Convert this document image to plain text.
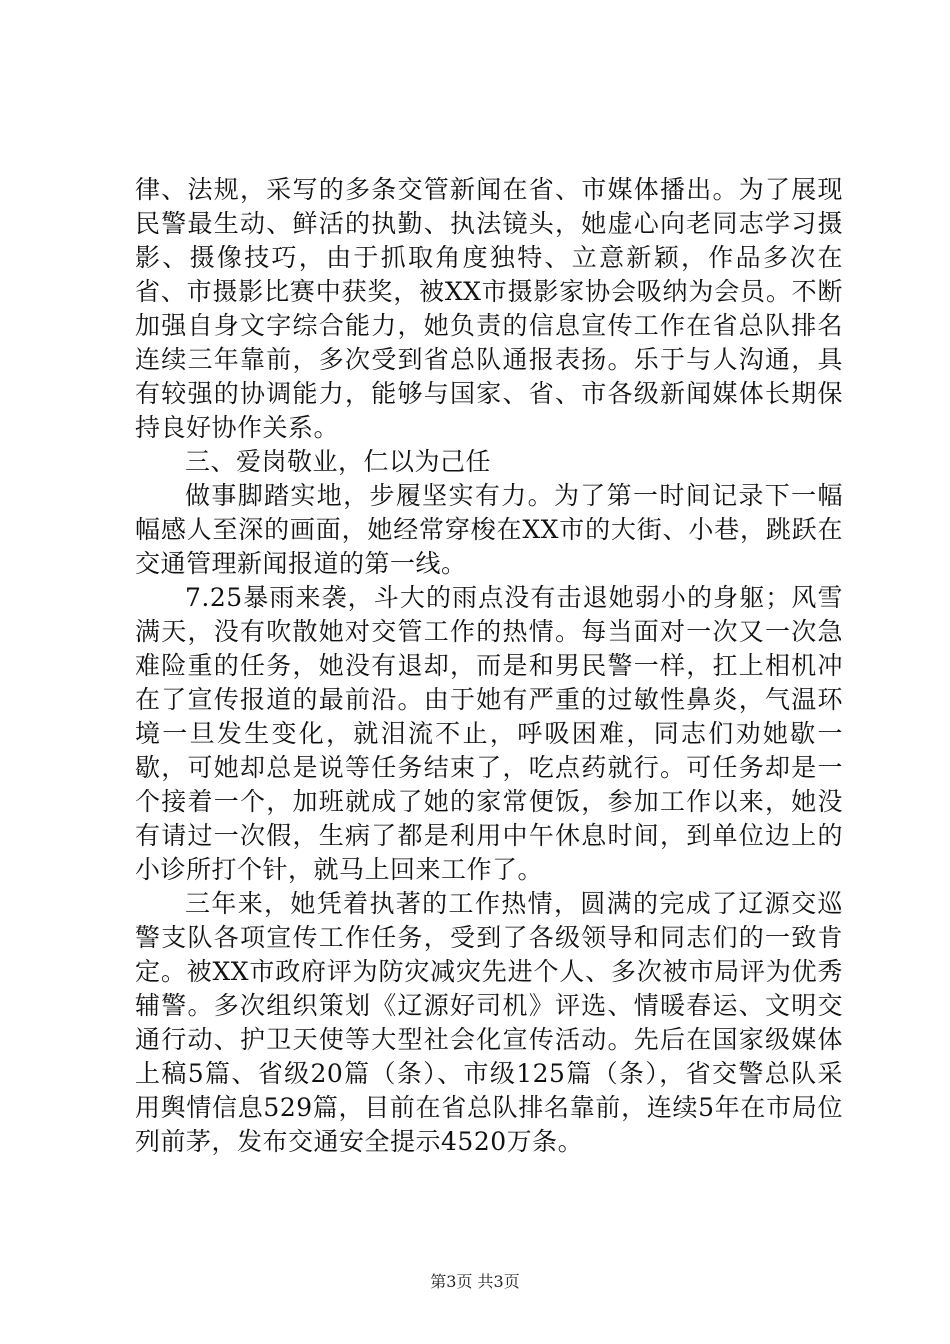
律、法规，采写的多条交管新闻在省、市媒体播出。为了展现民警最生动、鲜活的执勤、执法镜头，她虚心向老同志学习摄影、摄像技巧，由于抓取角度独特、立意新颖，作品多次在省、市摄影比赛中获奖，被XX市摄影家协会吸纳为会员。不断加强自身文字综合能力，她负责的信息宣传工作在省总队排名连续三年靠前，多次受到省总队通报表扬。乐于与人沟通，具有较强的协调能力，能够与国家、省、市各级新闻媒体长期保持良好协作关系。

三、爱岗敬业，仁以为己任

做事脚踏实地，步履坚实有力。为了第一时间记录下一幅幅感人至深的画面，她经常穿梭在XX市的大街、小巷，跳跃在交通管理新闻报道的第一线。

7.25暴雨来袭，斗大的雨点没有击退她弱小的身躯；风雪满天，没有吹散她对交管工作的热情。每当面对一次又一次急难险重的任务，她没有退却，而是和男民警一样，扛上相机冲在了宣传报道的最前沿。由于她有严重的过敏性鼻炎，气温环境一旦发生变化，就泪流不止，呼吸困难，同志们劝她歇一歇，可她却总是说等任务结束了，吃点药就行。可任务却是一个接着一个，加班就成了她的家常便饭，参加工作以来，她没有请过一次假，生病了都是利用中午休息时间，到单位边上的小诊所打个针，就马上回来工作了。

三年来，她凭着执著的工作热情，圆满的完成了辽源交巡警支队各项宣传工作任务，受到了各级领导和同志们的一致肯定。被XX市政府评为防灾减灾先进个人、多次被市局评为优秀辅警。多次组织策划《辽源好司机》评选、情暖春运、文明交通行动、护卫天使等大型社会化宣传活动。先后在国家级媒体上稿5篇、省级20篇（条）、市级125篇（条），省交警总队采用舆情信息529篇，目前在省总队排名靠前，连续5年在市局位列前茅，发布交通安全提示4520万条。

第3页 共3页
